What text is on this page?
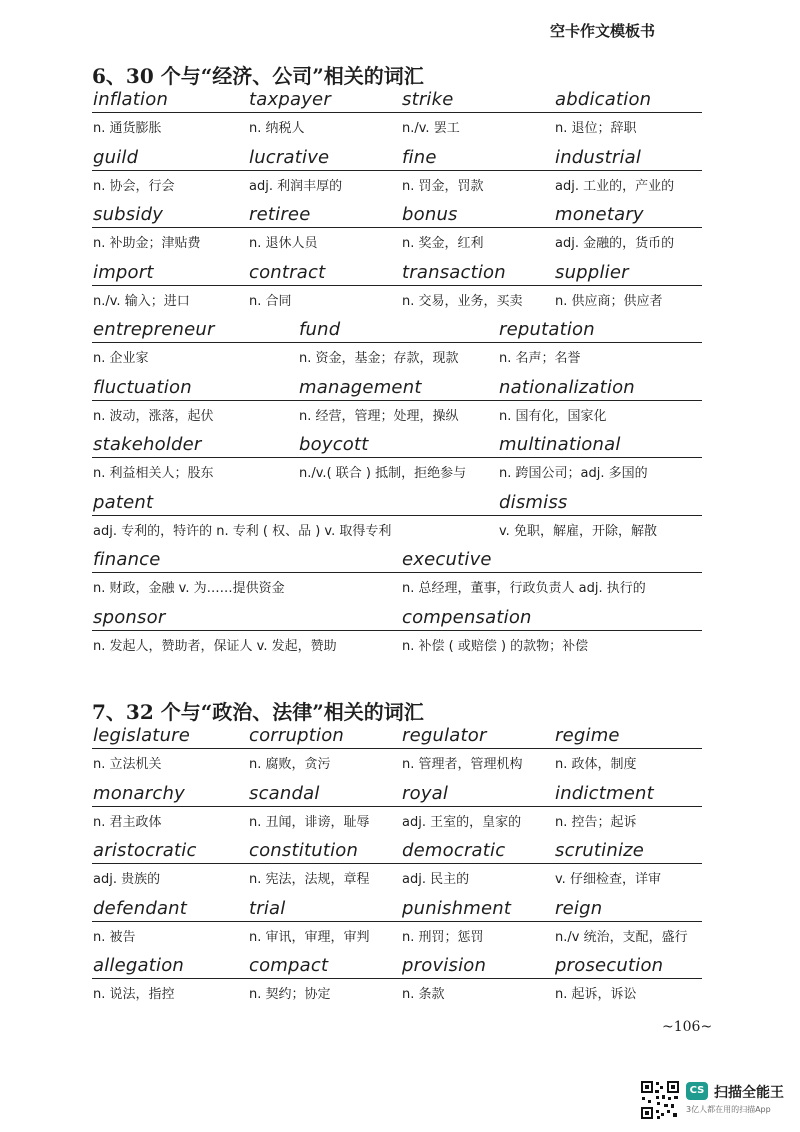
空卡作文模板书
6、30 个与“经济、公司”相关的词汇
inflation
n. 通货膨胀
taxpayer
n. 纳税人
strike
n./v. 罢工
abdication
n. 退位；辞职
guild
n. 协会，行会
lucrative
adj. 利润丰厚的
fine
n. 罚金，罚款
industrial
adj. 工业的，产业的
subsidy
n. 补助金；津贴费
retiree
n. 退休人员
bonus
n. 奖金，红利
monetary
adj. 金融的，货币的
import
n./v. 输入；进口
contract
n. 合同
transaction
n. 交易，业务，买卖
supplier
n. 供应商；供应者
entrepreneur
n. 企业家
fund
n. 资金，基金；存款，现款
reputation
n. 名声；名誉
fluctuation
n. 波动，涨落，起伏
management
n. 经营，管理；处理，操纵
nationalization
n. 国有化，国家化
stakeholder
n. 利益相关人；股东
boycott
n./v.( 联合 ) 抵制，拒绝参与
multinational
n. 跨国公司；adj. 多国的
patent
adj. 专利的，特许的 n. 专利 ( 权、品 ) v. 取得专利
dismiss
v. 免职，解雇，开除，解散
finance
n. 财政，金融 v. 为……提供资金
executive
n. 总经理，董事，行政负责人 adj. 执行的
sponsor
n. 发起人，赞助者，保证人 v. 发起，赞助
compensation
n. 补偿 ( 或赔偿 ) 的款物；补偿
7、32 个与“政治、法律”相关的词汇
legislature
n. 立法机关
corruption
n. 腐败，贪污
regulator
n. 管理者，管理机构
regime
n. 政体，制度
monarchy
n. 君主政体
scandal
n. 丑闻，诽谤，耻辱
royal
adj. 王室的，皇家的
indictment
n. 控告；起诉
aristocratic
adj. 贵族的
constitution
n. 宪法，法规，章程
democratic
adj. 民主的
scrutinize
v. 仔细检查，详审
defendant
n. 被告
trial
n. 审讯，审理，审判
punishment
n. 刑罚；惩罚
reign
n./v 统治，支配，盛行
allegation
n. 说法，指控
compact
n. 契约；协定
provision
n. 条款
prosecution
n. 起诉，诉讼
~106~
CS 扫描全能王
3亿人都在用的扫描App
